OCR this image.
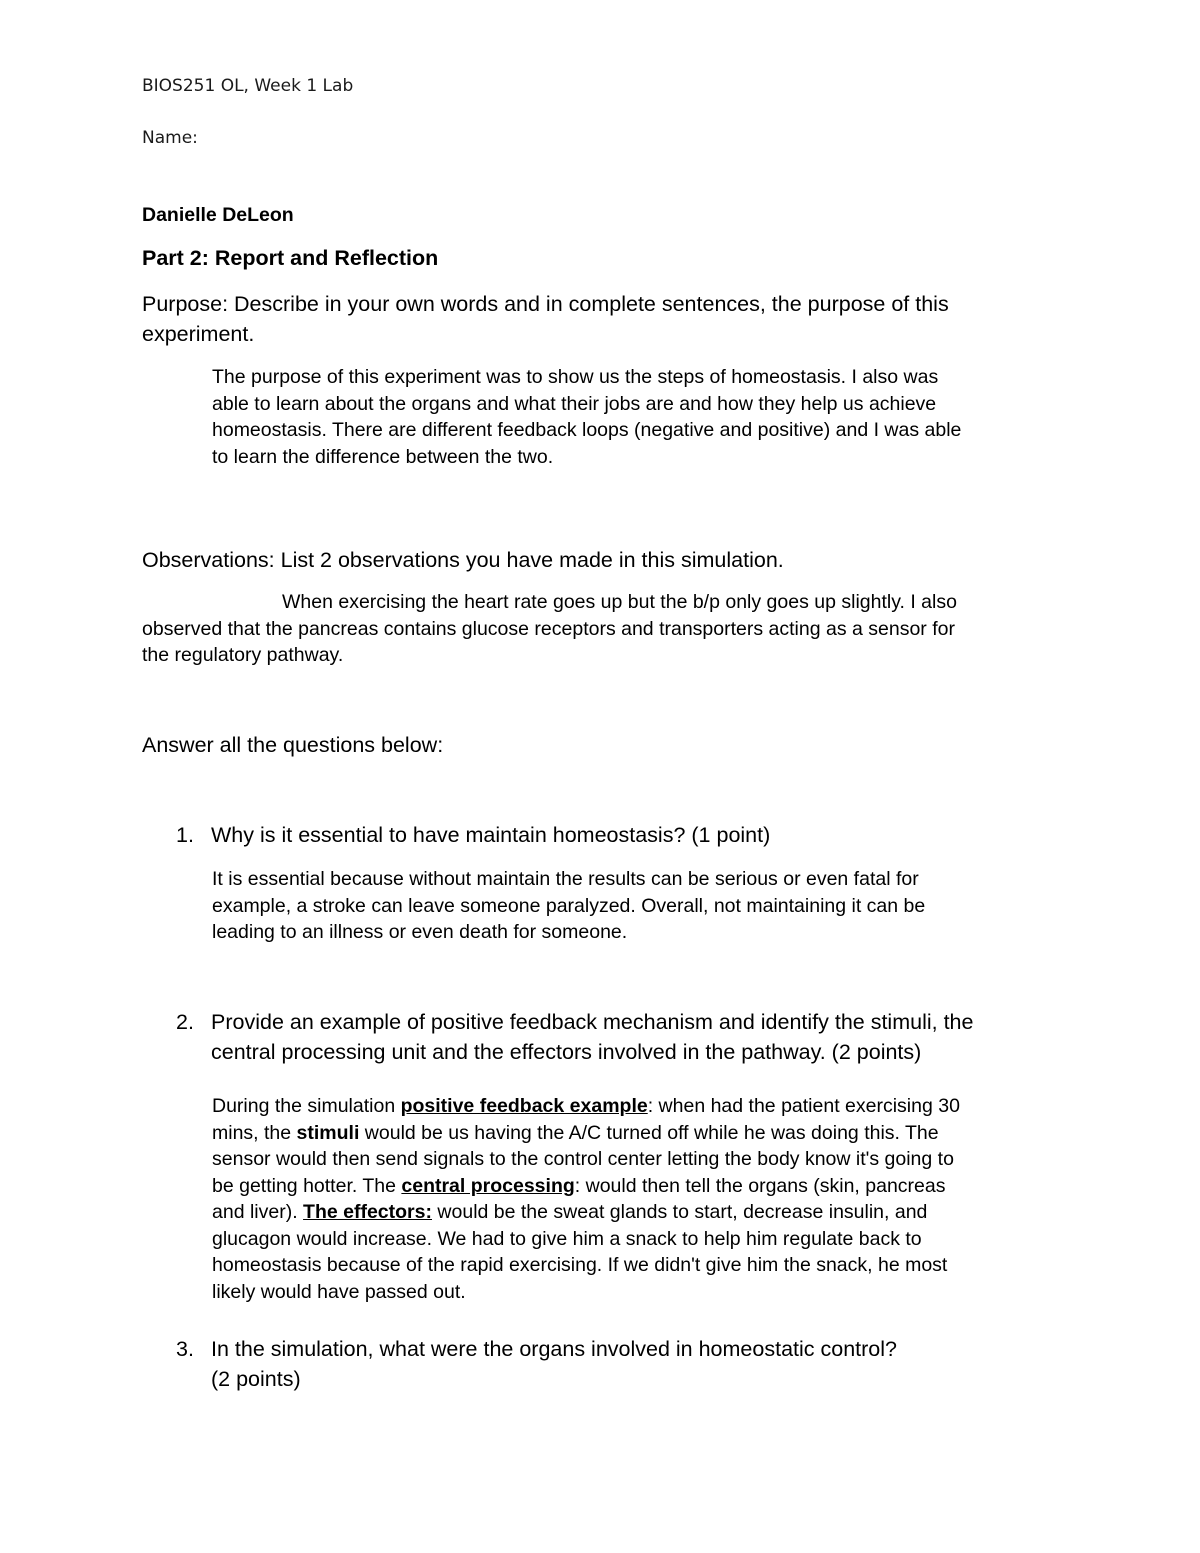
BIOS251 OL, Week 1 Lab
Name:
Danielle DeLeon
Part 2: Report and Reflection
Purpose: Describe in your own words and in complete sentences, the purpose of this
experiment.
The purpose of this experiment was to show us the steps of homeostasis. I also was
able to learn about the organs and what their jobs are and how they help us achieve
homeostasis. There are different feedback loops (negative and positive) and I was able
to learn the difference between the two.
Observations: List 2 observations you have made in this simulation.
When exercising the heart rate goes up but the b/p only goes up slightly. I also
observed that the pancreas contains glucose receptors and transporters acting as a sensor for
the regulatory pathway.
Answer all the questions below:
1. Why is it essential to have maintain homeostasis? (1 point)
It is essential because without maintain the results can be serious or even fatal for
example, a stroke can leave someone paralyzed. Overall, not maintaining it can be
leading to an illness or even death for someone.
2. Provide an example of positive feedback mechanism and identify the stimuli, the
central processing unit and the effectors involved in the pathway. (2 points)
During the simulation positive feedback example: when had the patient exercising 30
mins, the stimuli would be us having the A/C turned off while he was doing this. The
sensor would then send signals to the control center letting the body know it's going to
be getting hotter. The central processing: would then tell the organs (skin, pancreas
and liver). The effectors: would be the sweat glands to start, decrease insulin, and
glucagon would increase. We had to give him a snack to help him regulate back to
homeostasis because of the rapid exercising. If we didn't give him the snack, he most
likely would have passed out.
3. In the simulation, what were the organs involved in homeostatic control?
(2 points)
